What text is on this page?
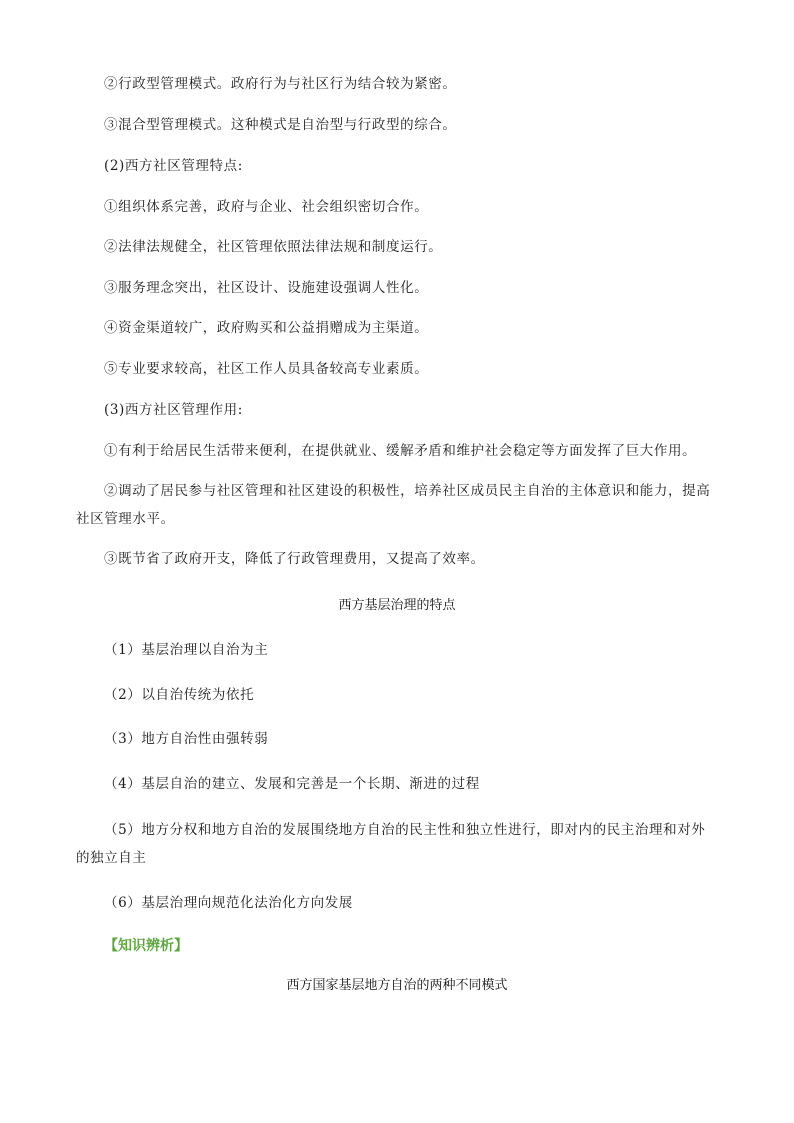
②行政型管理模式。政府行为与社区行为结合较为紧密。
③混合型管理模式。这种模式是自治型与行政型的综合。
(2)西方社区管理特点:
①组织体系完善，政府与企业、社会组织密切合作。
②法律法规健全，社区管理依照法律法规和制度运行。
③服务理念突出，社区设计、设施建设强调人性化。
④资金渠道较广，政府购买和公益捐赠成为主渠道。
⑤专业要求较高，社区工作人员具备较高专业素质。
(3)西方社区管理作用:
①有利于给居民生活带来便利，在提供就业、缓解矛盾和维护社会稳定等方面发挥了巨大作用。
②调动了居民参与社区管理和社区建设的积极性，培养社区成员民主自治的主体意识和能力，提高社区管理水平。
③既节省了政府开支，降低了行政管理费用，又提高了效率。
西方基层治理的特点
（1）基层治理以自治为主
（2）以自治传统为依托
（3）地方自治性由强转弱
（4）基层自治的建立、发展和完善是一个长期、渐进的过程
（5）地方分权和地方自治的发展围绕地方自治的民主性和独立性进行，即对内的民主治理和对外的独立自主
（6）基层治理向规范化法治化方向发展
【知识辨析】
西方国家基层地方自治的两种不同模式
